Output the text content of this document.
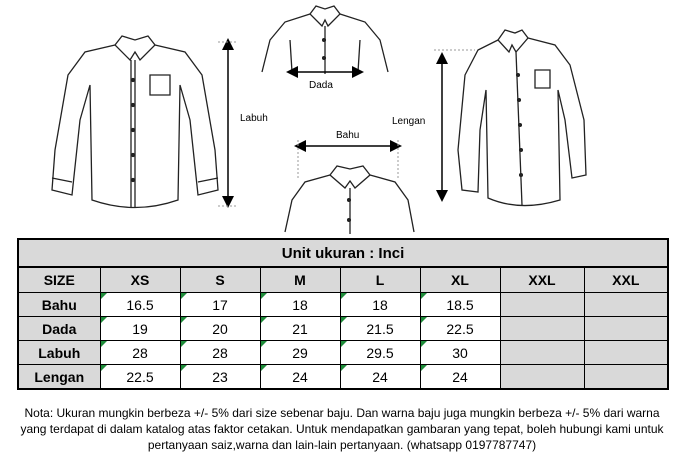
Labuh
Dada
Bahu
Lengan
Unit ukuran : Inci							
SIZE	XS	S	M	L	XL	XXL	XXL
Bahu	16.5	17	18	18	18.5		
Dada	19	20	21	21.5	22.5		
Labuh	28	28	29	29.5	30		
Lengan	22.5	23	24	24	24		
Nota: Ukuran mungkin berbeza +/- 5% dari size sebenar baju. Dan warna baju juga mungkin berbeza +/- 5% dari warna yang terdapat di dalam katalog atas faktor cetakan. Untuk mendapatkan gambaran yang tepat, boleh hubungi kami untuk pertanyaan saiz,warna dan lain-lain pertanyaan. (whatsapp 0197787747)
